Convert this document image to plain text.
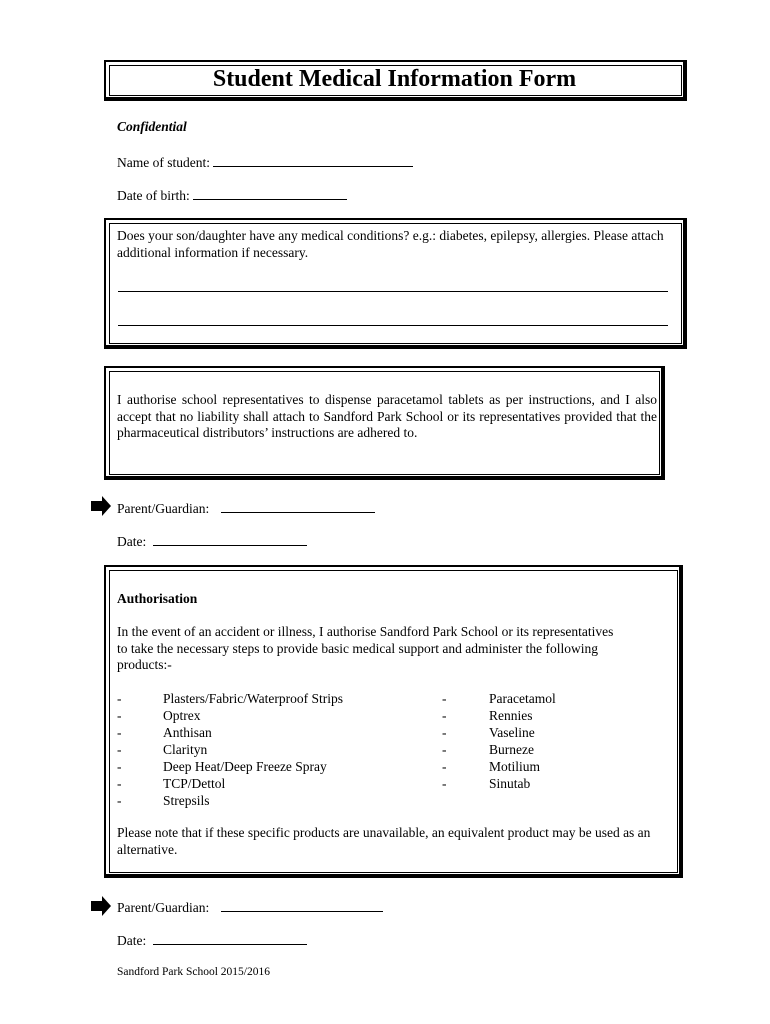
Student Medical Information Form
Confidential
Name of student:
Date of birth:
Does your son/daughter have any medical conditions? e.g.: diabetes, epilepsy, allergies. Please attach additional information if necessary.
I authorise school representatives to dispense paracetamol tablets as per instructions, and I also accept that no liability shall attach to Sandford Park School or its representatives provided that the pharmaceutical distributors’ instructions are adhered to.
Parent/Guardian:
Date:
Authorisation
In the event of an accident or illness, I authorise Sandford Park School or its representatives to take the necessary steps to provide basic medical support and administer the following products:-
-
-
-
-
-
-
-
Plasters/Fabric/Waterproof Strips
Optrex
Anthisan
Clarityn
Deep Heat/Deep Freeze Spray
TCP/Dettol
Strepsils
-
-
-
-
-
-
Paracetamol
Rennies
Vaseline
Burneze
Motilium
Sinutab
Please note that if these specific products are unavailable, an equivalent product may be used as an alternative.
Parent/Guardian:
Date:
Sandford Park School 2015/2016
